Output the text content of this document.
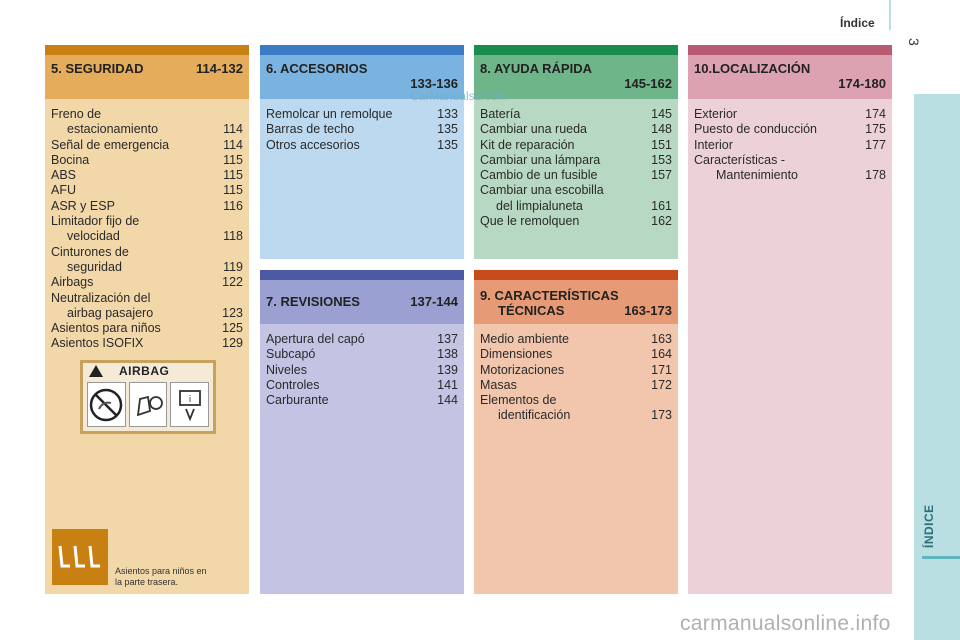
Índice
3
ÍNDICE
5. SEGURIDAD	114-132
Freno de
estacionamiento	114
Señal de emergencia	114
Bocina	115
ABS	115
AFU	115
ASR y ESP	116
Limitador fijo de
velocidad	118
Cinturones de
seguridad	119
Airbags	122
Neutralización del
airbag pasajero	123
Asientos para niños	125
Asientos ISOFIX	129
AIRBAG
i
Asientos para niños en
la parte trasera.
6. ACCESORIOS
133-136
Remolcar un remolque	133
Barras de techo	135
Otros accesorios	135
8. AYUDA RÁPIDA
145-162
Batería	145
Cambiar una rueda	148
Kit de reparación	151
Cambiar una lámpara	153
Cambio de un fusible	157
Cambiar una escobilla
del limpialuneta	161
Que le remolquen	162
10.LOCALIZACIÓN
174-180
Exterior	174
Puesto de conducción	175
Interior	177
Características -
Mantenimiento	178
7. REVISIONES	137-144
Apertura del capó	137
Subcapó	138
Niveles	139
Controles	141
Carburante	144
9. CARACTERÍSTICAS
TÉCNICAS	163-173
Medio ambiente	163
Dimensiones	164
Motorizaciones	171
Masas	172
Elementos de
identificación	173
CarManuals2.com
carmanualsonline.info
